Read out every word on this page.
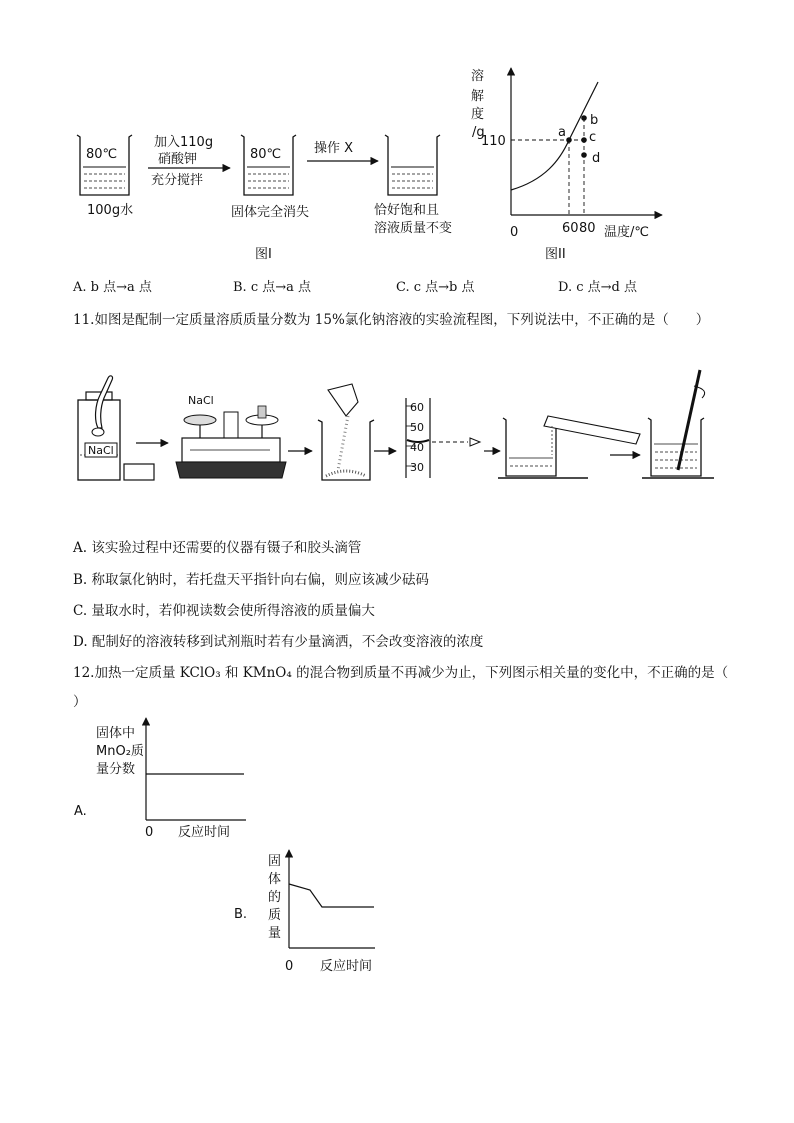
80℃
100g水
加入110g
硝酸钾
充分搅拌
80℃
固体完全消失
操作 X
恰好饱和且
溶液质量不变
图I
溶
解
度
/g
110
0	60 80 温度/℃
a
b
c
d
图II
A. b 点→a 点	B. c 点→a 点	C. c 点→b 点	D. c 点→d 点
11.如图是配制一定质量溶质质量分数为 15%氯化钠溶液的实验流程图，下列说法中，不正确的是（　　）
NaCl
NaCl
60
50
40
30
A. 该实验过程中还需要的仪器有镊子和胶头滴管
B. 称取氯化钠时，若托盘天平指针向右偏，则应该减少砝码
C. 量取水时，若仰视读数会使所得溶液的质量偏大
D. 配制好的溶液转移到试剂瓶时若有少量滴洒，不会改变溶液的浓度
12.加热一定质量 KClO₃ 和 KMnO₄ 的混合物到质量不再减少为止，下列图示相关量的变化中，不正确的是（
）
A.
固体中
MnO₂质
量分数
0 反应时间
B.
固
体
的
质
量
0 反应时间
